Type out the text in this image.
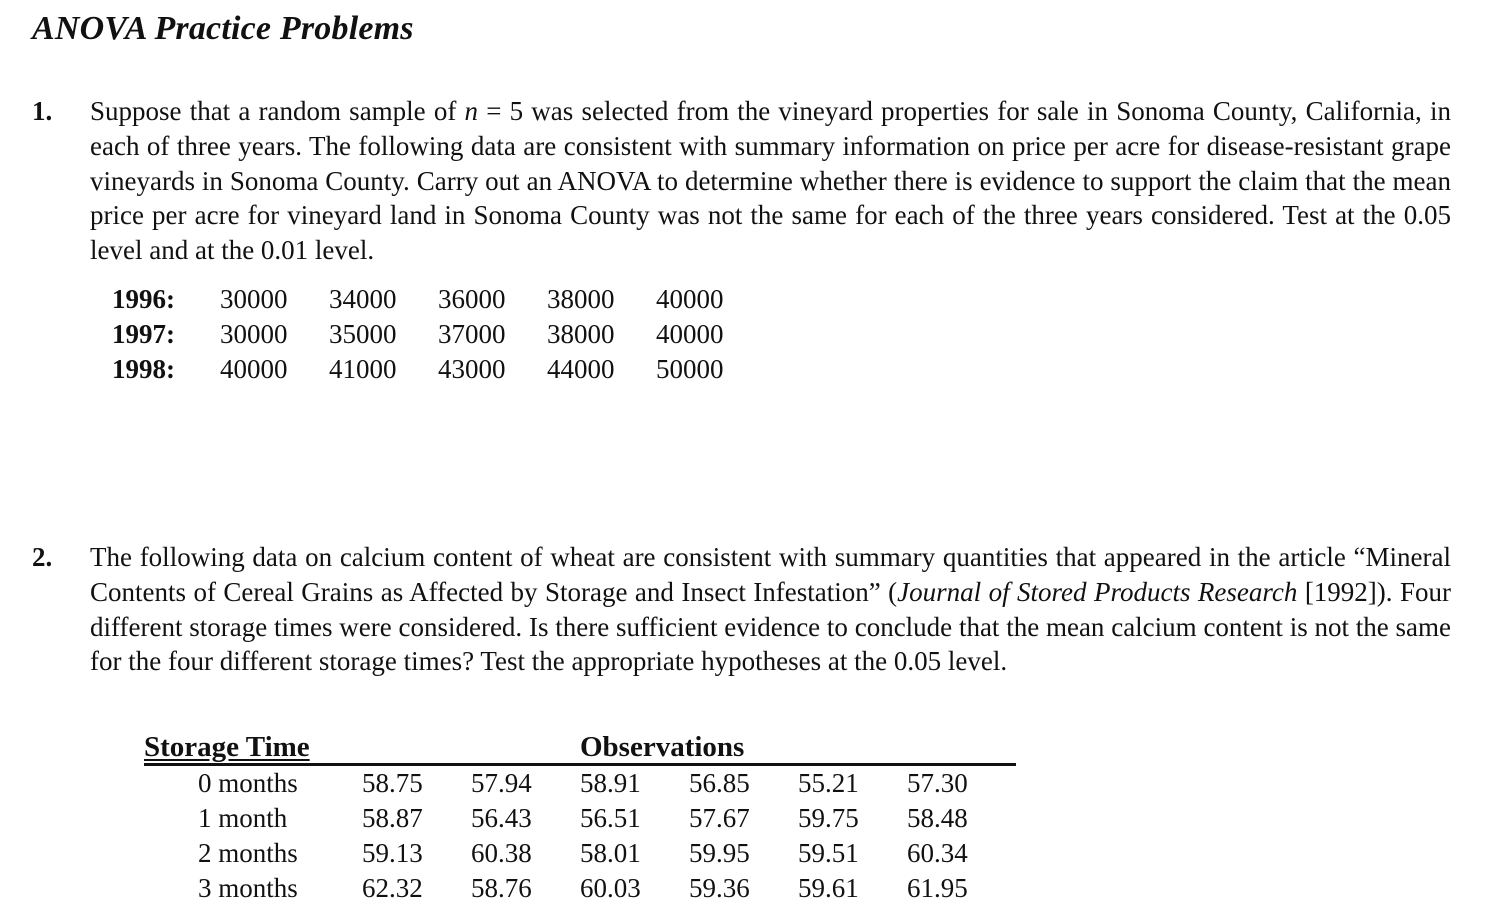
ANOVA Practice Problems
1. Suppose that a random sample of n = 5 was selected from the vineyard properties for sale in Sonoma County, California, in each of three years. The following data are consistent with summary information on price per acre for disease-resistant grape vineyards in Sonoma County. Carry out an ANOVA to determine whether there is evidence to support the claim that the mean price per acre for vineyard land in Sonoma County was not the same for each of the three years considered. Test at the 0.05 level and at the 0.01 level.
1996:	30000	34000	36000	38000	40000
1997:	30000	35000	37000	38000	40000
1998:	40000	41000	43000	44000	50000
2. The following data on calcium content of wheat are consistent with summary quantities that appeared in the article “Mineral Contents of Cereal Grains as Affected by Storage and Insect Infestation” (Journal of Stored Products Research [1992]). Four different storage times were considered. Is there sufficient evidence to conclude that the mean calcium content is not the same for the four different storage times? Test the appropriate hypotheses at the 0.05 level.
Storage Time	Observations
0 months	58.75	57.94	58.91	56.85	55.21	57.30
1 month	58.87	56.43	56.51	57.67	59.75	58.48
2 months	59.13	60.38	58.01	59.95	59.51	60.34
3 months	62.32	58.76	60.03	59.36	59.61	61.95
